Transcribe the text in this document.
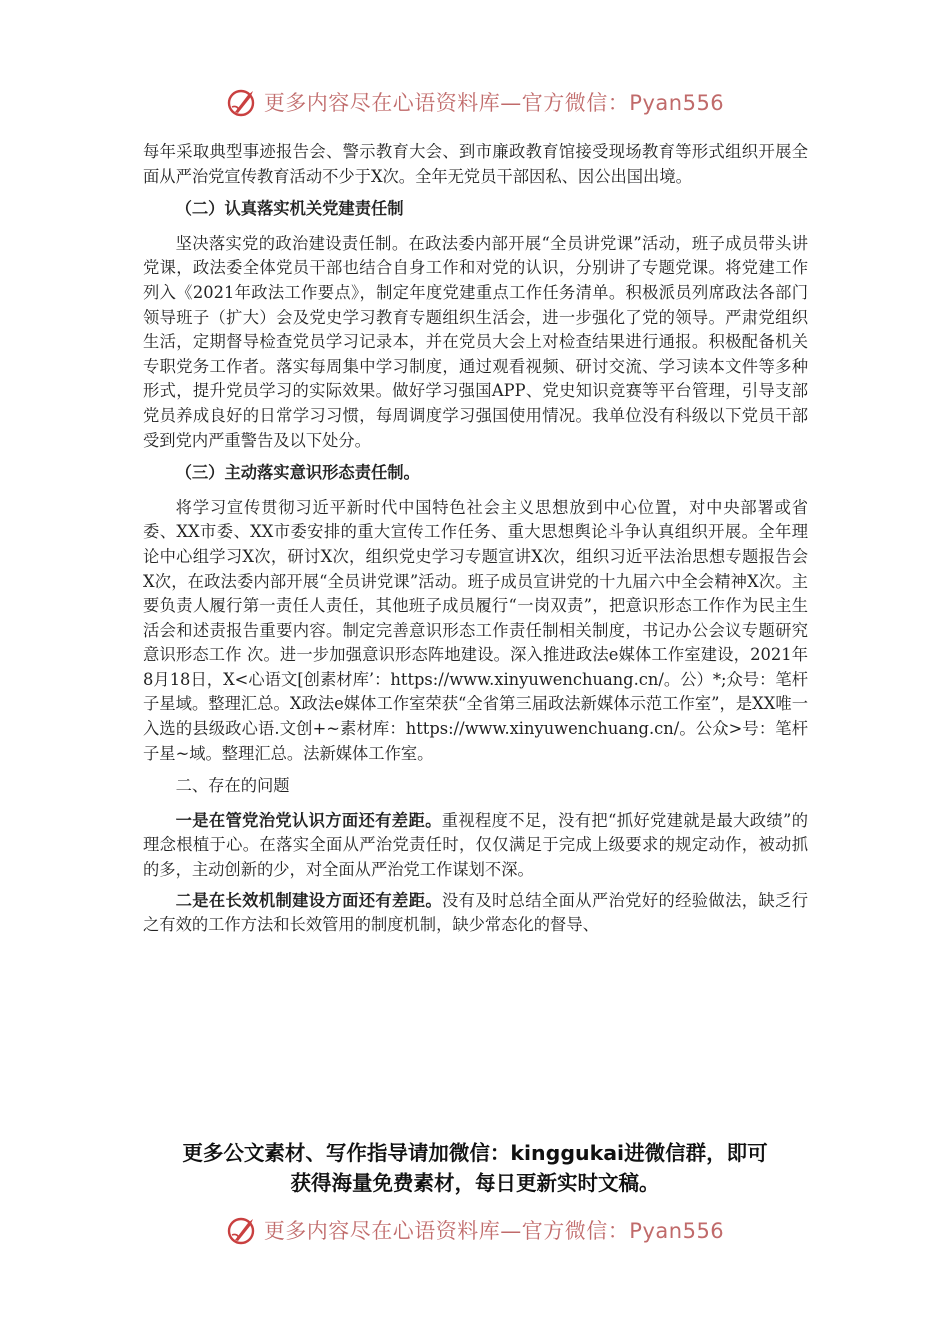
更多内容尽在心语资料库—官方微信：Pyan556

每年采取典型事迹报告会、警示教育大会、到市廉政教育馆接受现场教育等形式组织开展全面从严治党宣传教育活动不少于X次。全年无党员干部因私、因公出国出境。

（二）认真落实机关党建责任制

坚决落实党的政治建设责任制。在政法委内部开展“全员讲党课”活动，班子成员带头讲党课，政法委全体党员干部也结合自身工作和对党的认识，分别讲了专题党课。将党建工作列入《2021年政法工作要点》，制定年度党建重点工作任务清单。积极派员列席政法各部门领导班子（扩大）会及党史学习教育专题组织生活会，进一步强化了党的领导。严肃党组织生活，定期督导检查党员学习记录本，并在党员大会上对检查结果进行通报。积极配备机关专职党务工作者。落实每周集中学习制度，通过观看视频、研讨交流、学习读本文件等多种形式，提升党员学习的实际效果。做好学习强国APP、党史知识竞赛等平台管理，引导支部党员养成良好的日常学习习惯，每周调度学习强国使用情况。我单位没有科级以下党员干部受到党内严重警告及以下处分。

（三）主动落实意识形态责任制。

将学习宣传贯彻习近平新时代中国特色社会主义思想放到中心位置，对中央部署或省委、XX市委、XX市委安排的重大宣传工作任务、重大思想舆论斗争认真组织开展。全年理论中心组学习X次，研讨X次，组织党史学习专题宣讲X次，组织习近平法治思想专题报告会X次，在政法委内部开展“全员讲党课”活动。班子成员宣讲党的十九届六中全会精神X次。主要负责人履行第一责任人责任，其他班子成员履行“一岗双责”，把意识形态工作作为民主生活会和述责报告重要内容。制定完善意识形态工作责任制相关制度，书记办公会议专题研究意识形态工作 次。进一步加强意识形态阵地建设。深入推进政法e媒体工作室建设，2021年8月18日，X<心语文[创素材库’：https://www.xinyuwenchuang.cn/。公）*;众号：笔杆子星域。整理汇总。X政法e媒体工作室荣获“全省第三届政法新媒体示范工作室”，是XX唯一入选的县级政心语.文创+~素材库：https://www.xinyuwenchuang.cn/。公众>号：笔杆子星~域。整理汇总。法新媒体工作室。

二、存在的问题

一是在管党治党认识方面还有差距。重视程度不足，没有把“抓好党建就是最大政绩”的理念根植于心。在落实全面从严治党责任时，仅仅满足于完成上级要求的规定动作，被动抓的多，主动创新的少，对全面从严治党工作谋划不深。

二是在长效机制建设方面还有差距。没有及时总结全面从严治党好的经验做法，缺乏行之有效的工作方法和长效管用的制度机制，缺少常态化的督导、

更多公文素材、写作指导请加微信：kinggukai进微信群，即可
获得海量免费素材，每日更新实时文稿。
更多内容尽在心语资料库—官方微信：Pyan556
